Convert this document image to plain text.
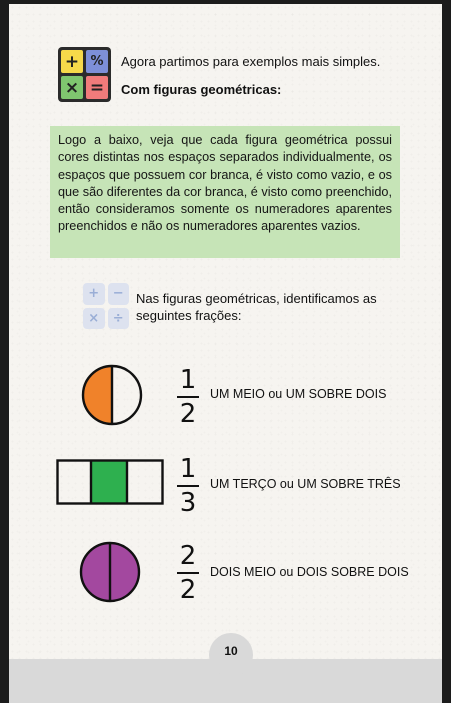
+ %
× =

Agora partimos para exemplos mais simples.

Com figuras geométricas:

Logo a baixo, veja que cada figura geométrica possui cores distintas nos espaços separados individualmente, os espaços que possuem cor branca, é visto como vazio, e os que são diferentes da cor branca, é visto como preenchido, então consideramos somente os numeradores aparentes preenchidos e não os numeradores aparentes vazios.

+	−
×	÷

Nas figuras geométricas, identificamos as seguintes frações:

1
2
UM MEIO ou UM SOBRE DOIS
1
3
UM TERÇO ou UM SOBRE TRÊS
2
2
DOIS MEIO ou DOIS SOBRE DOIS
10
